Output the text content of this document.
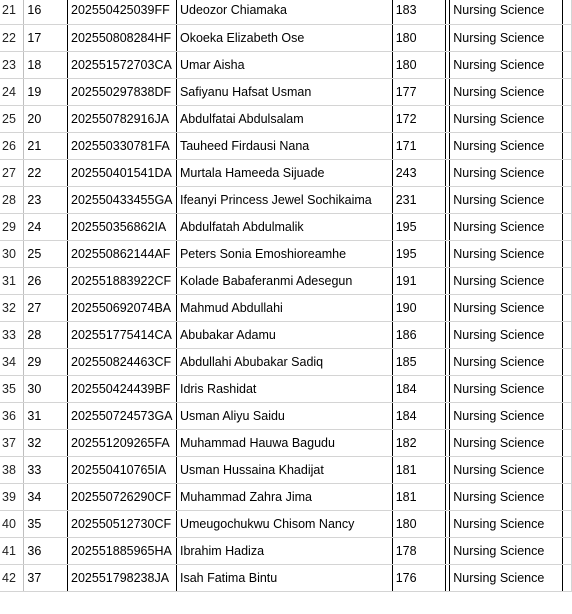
21	16	202550425039FF	Udeozor Chiamaka	183		Nursing Science	
22	17	202550808284HF	Okoeka Elizabeth Ose	180		Nursing Science	
23	18	202551572703CA	Umar Aisha	180		Nursing Science	
24	19	202550297838DF	Safiyanu Hafsat Usman	177		Nursing Science	
25	20	202550782916JA	Abdulfatai Abdulsalam	172		Nursing Science	
26	21	202550330781FA	Tauheed Firdausi Nana	171		Nursing Science	
27	22	202550401541DA	Murtala Hameeda Sijuade	243		Nursing Science	
28	23	202550433455GA	Ifeanyi Princess Jewel Sochikaima	231		Nursing Science	
29	24	202550356862IA	Abdulfatah Abdulmalik	195		Nursing Science	
30	25	202550862144AF	Peters Sonia Emoshioreamhe	195		Nursing Science	
31	26	202551883922CF	Kolade Babaferanmi Adesegun	191		Nursing Science	
32	27	202550692074BA	Mahmud Abdullahi	190		Nursing Science	
33	28	202551775414CA	Abubakar Adamu	186		Nursing Science	
34	29	202550824463CF	Abdullahi Abubakar Sadiq	185		Nursing Science	
35	30	202550424439BF	Idris Rashidat	184		Nursing Science	
36	31	202550724573GA	Usman Aliyu Saidu	184		Nursing Science	
37	32	202551209265FA	Muhammad Hauwa Bagudu	182		Nursing Science	
38	33	202550410765IA	Usman Hussaina Khadijat	181		Nursing Science	
39	34	202550726290CF	Muhammad Zahra Jima	181		Nursing Science	
40	35	202550512730CF	Umeugochukwu Chisom Nancy	180		Nursing Science	
41	36	202551885965HA	Ibrahim Hadiza	178		Nursing Science	
42	37	202551798238JA	Isah Fatima Bintu	176		Nursing Science	
